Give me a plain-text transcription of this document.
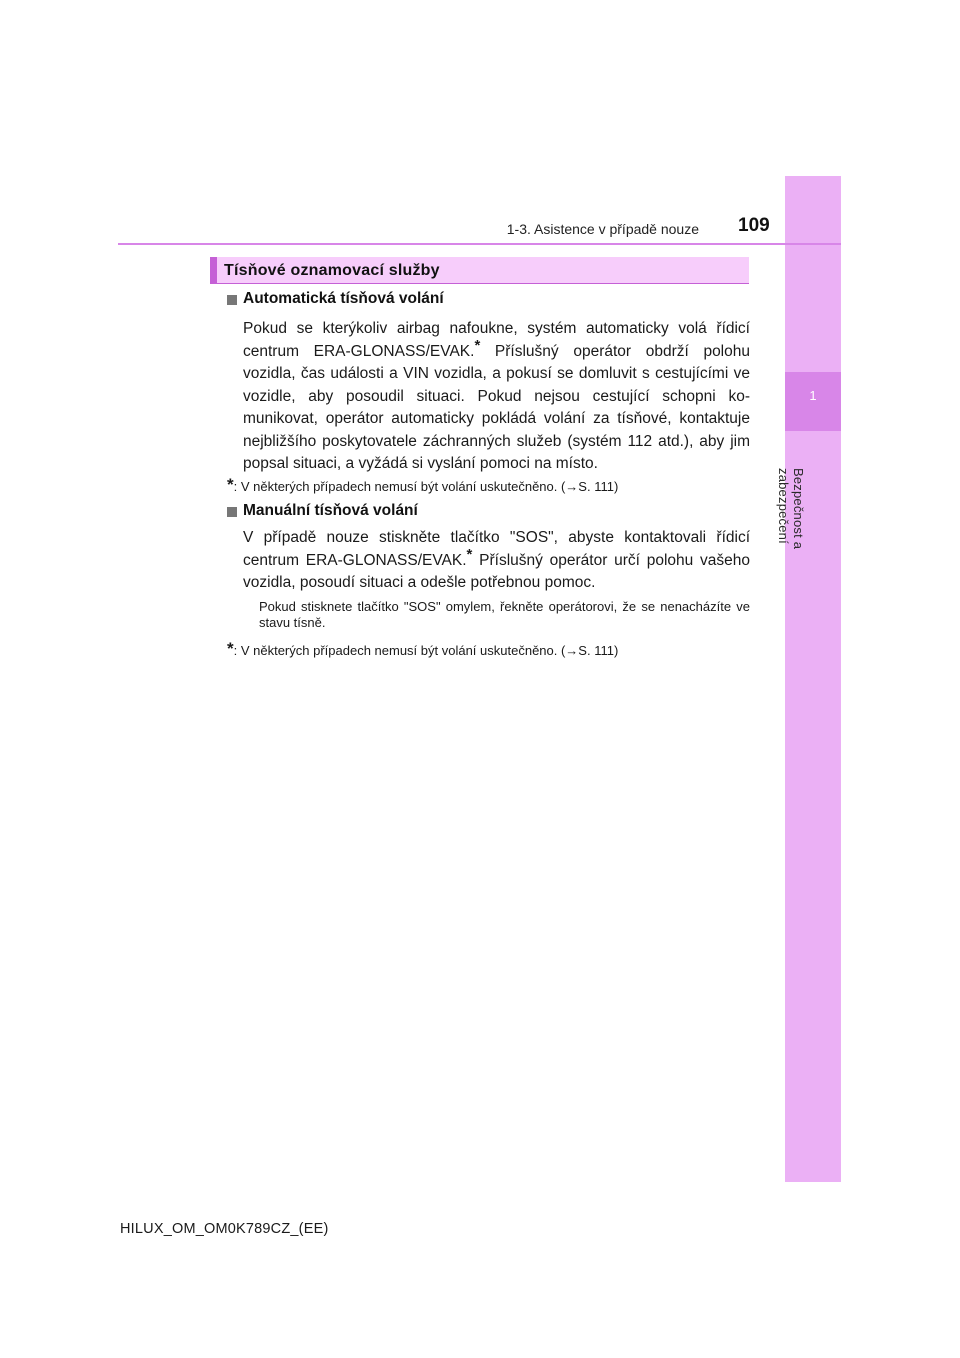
1
Bezpečnost a zabezpečení
1-3. Asistence v případě nouze 109
Tísňové oznamovací služby
Automatická tísňová volání
Pokud se kterýkoliv airbag nafoukne, systém automaticky volá řídicí centrum ERA-GLONASS/EVAK.* Příslušný operátor obdrží polohu vozidla, čas události a VIN vozidla, a pokusí se domluvit s cestujícími ve vozidle, aby posoudil situaci. Pokud nejsou cestující schopni komunikovat, operátor automaticky pokládá volání za tísňové, kontaktuje nejbližšího poskytovatele záchranných služeb (systém 112 atd.), aby jim popsal situaci, a vyžádá si vyslání pomoci na místo.
*: V některých případech nemusí být volání uskutečněno. (→S. 111)
Manuální tísňová volání
V případě nouze stiskněte tlačítko "SOS", abyste kontaktovali řídicí centrum ERA-GLONASS/EVAK.* Příslušný operátor určí polohu vašeho vozidla, posoudí situaci a odešle potřebnou pomoc.
Pokud stisknete tlačítko "SOS" omylem, řekněte operátorovi, že se nenacházíte ve stavu tísně.
*: V některých případech nemusí být volání uskutečněno. (→S. 111)
HILUX_OM_OM0K789CZ_(EE)
